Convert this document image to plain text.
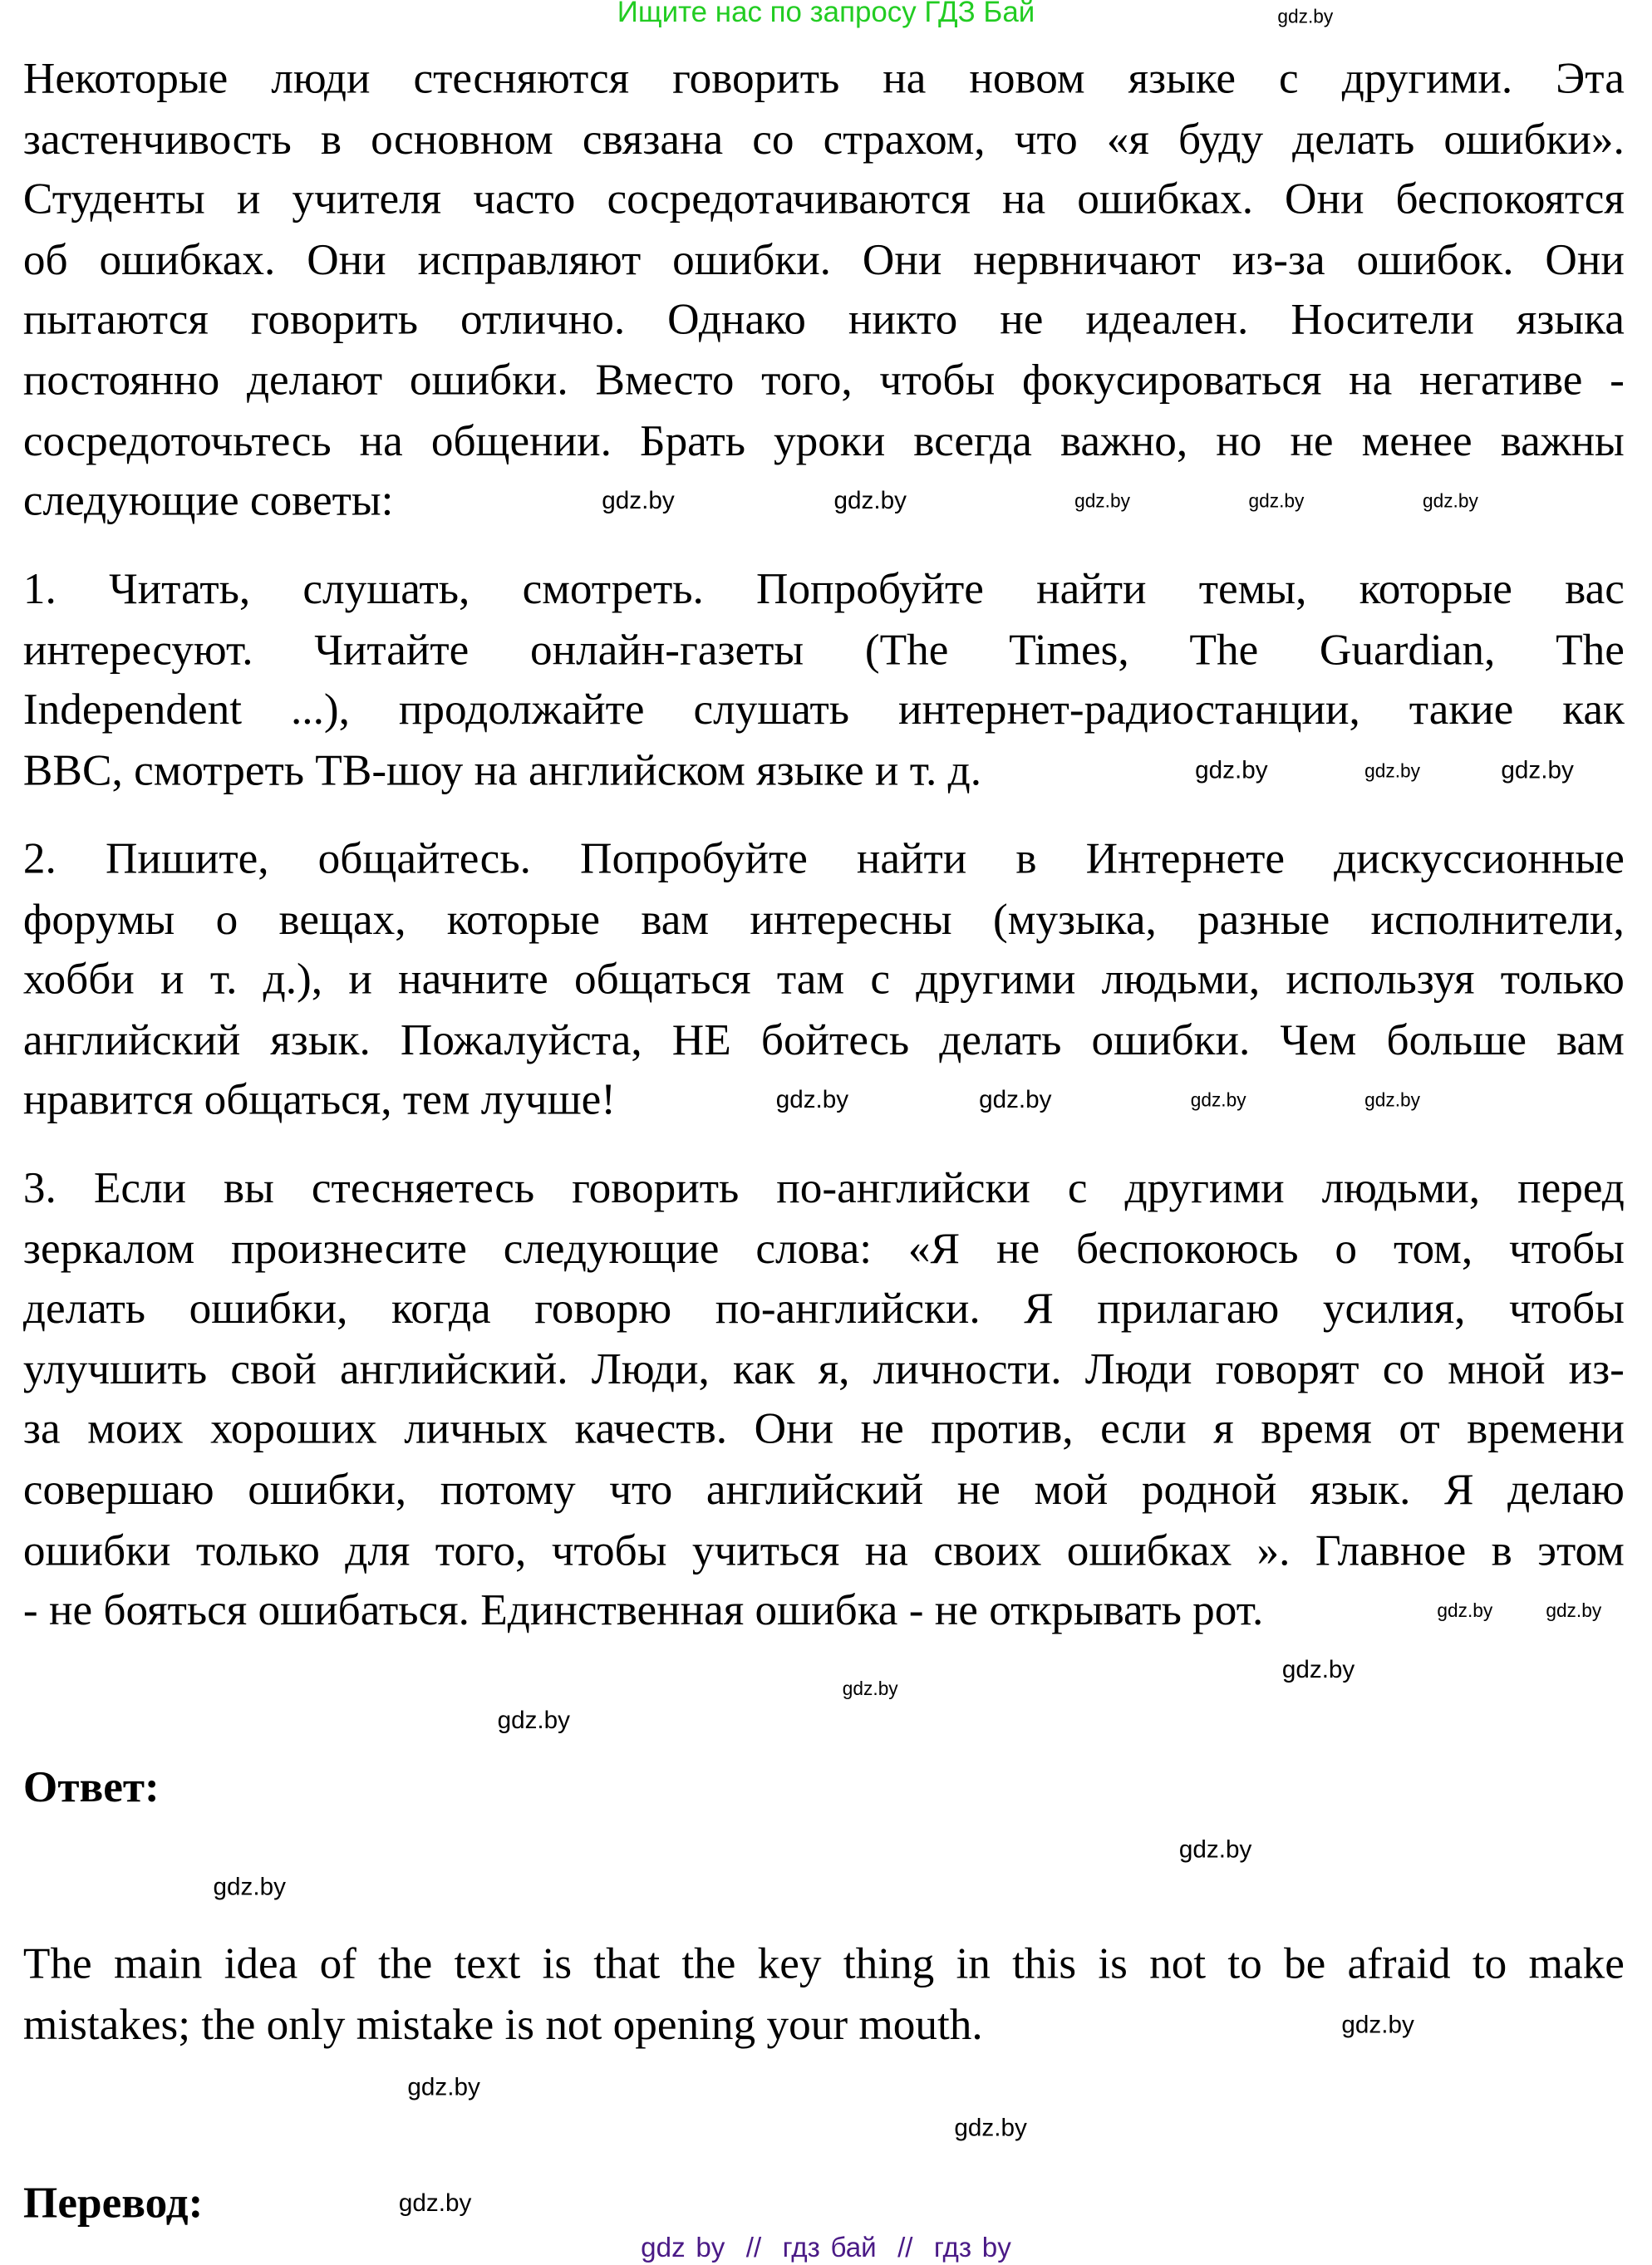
Ищите нас по запросу ГДЗ Бай
Некоторые люди стесняются говорить на новом языке с другими. Эта
застенчивость в основном связана со страхом, что «я буду делать ошибки».
Студенты и учителя часто сосредотачиваются на ошибках. Они беспокоятся
об ошибках. Они исправляют ошибки. Они нервничают из-за ошибок. Они
пытаются говорить отлично. Однако никто не идеален. Носители языка
постоянно делают ошибки. Вместо того, чтобы фокусироваться на негативе -
сосредоточьтесь на общении. Брать уроки всегда важно, но не менее важны
следующие советы:
1. Читать, слушать, смотреть. Попробуйте найти темы, которые вас
интересуют. Читайте онлайн-газеты (The Times, The Guardian, The
Independent ...), продолжайте слушать интернет-радиостанции, такие как
BBC, смотреть ТВ-шоу на английском языке и т. д.
2. Пишите, общайтесь. Попробуйте найти в Интернете дискуссионные
форумы о вещах, которые вам интересны (музыка, разные исполнители,
хобби и т. д.), и начните общаться там с другими людьми, используя только
английский язык. Пожалуйста, НЕ бойтесь делать ошибки. Чем больше вам
нравится общаться, тем лучше!
3. Если вы стесняетесь говорить по-английски с другими людьми, перед
зеркалом произнесите следующие слова: «Я не беспокоюсь о том, чтобы
делать ошибки, когда говорю по-английски. Я прилагаю усилия, чтобы
улучшить свой английский. Люди, как я, личности. Люди говорят со мной из-
за моих хороших личных качеств. Они не против, если я время от времени
совершаю ошибки, потому что английский не мой родной язык. Я делаю
ошибки только для того, чтобы учиться на своих ошибках ». Главное в этом
- не бояться ошибаться. Единственная ошибка - не открывать рот.
Ответ:
The main idea of the text is that the key thing in this is not to be afraid to make
mistakes; the only mistake is not opening your mouth.
Перевод:
gdz.by
gdz.by	gdz.by	gdz.by	gdz.by	gdz.by
gdz.by	gdz.by	gdz.by
gdz.by	gdz.by	gdz.by	gdz.by
gdz.by	gdz.by
gdz.by
gdz.by
gdz.by
gdz.by
gdz.by
gdz.by
gdz.by
gdz.by
gdz.by
gdz by  //  гдз бай  //  гдз by
